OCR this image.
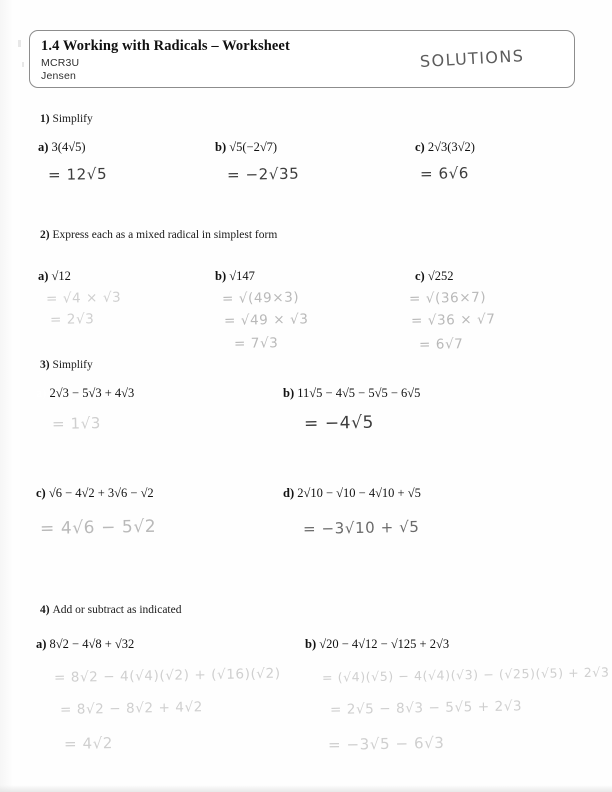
1.4 Working with Radicals – Worksheet
MCR3U
Jensen
SOLUTIONS
1) Simplify
a) 3(4√5)
= 12√5
b) √5(−2√7)
= −2√35
c) 2√3(3√2)
= 6√6
2) Express each as a mixed radical in simplest form
a) √12
= √4 × √3
= 2√3
b) √147
= √(49×3)
= √49 × √3
= 7√3
c) √252
= √(36×7)
= √36 × √7
= 6√7
3) Simplify
a) 2√3 − 5√3 + 4√3
= 1√3
b) 11√5 − 4√5 − 5√5 − 6√5
= −4√5
c) √6 − 4√2 + 3√6 − √2
= 4√6 − 5√2
d) 2√10 − √10 − 4√10 + √5
= −3√10 + √5
4) Add or subtract as indicated
a) 8√2 − 4√8 + √32
= 8√2 − 4(√4)(√2) + (√16)(√2)
= 8√2 − 8√2 + 4√2
= 4√2
b) √20 − 4√12 − √125 + 2√3
= (√4)(√5) − 4(√4)(√3) − (√25)(√5) + 2√3
= 2√5 − 8√3 − 5√5 + 2√3
= −3√5 − 6√3
